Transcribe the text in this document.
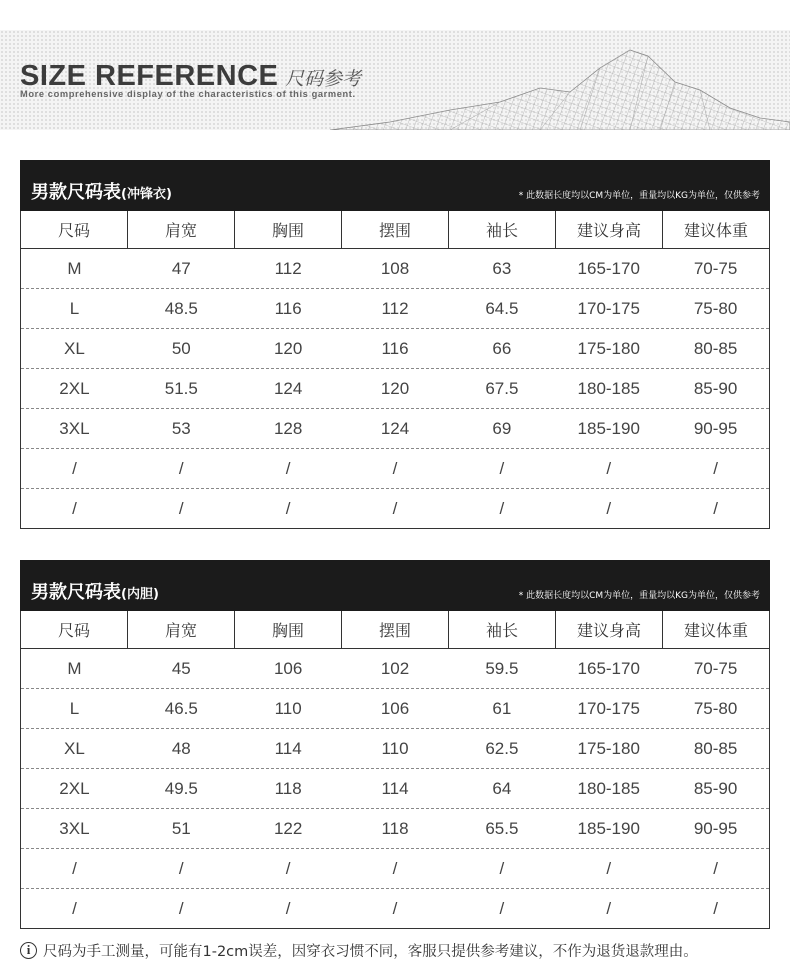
SIZE REFERENCE 尺码参考
More comprehensive display of the characteristics of this garment.
男款尺码表(冲锋衣)	* 此数据长度均以CM为单位，重量均以KG为单位，仅供参考
尺码	肩宽	胸围	摆围	袖长	建议身高	建议体重
M	47	112	108	63	165-170	70-75
L	48.5	116	112	64.5	170-175	75-80
XL	50	120	116	66	175-180	80-85
2XL	51.5	124	120	67.5	180-185	85-90
3XL	53	128	124	69	185-190	90-95
/	/	/	/	/	/	/
/	/	/	/	/	/	/
男款尺码表(内胆)	* 此数据长度均以CM为单位，重量均以KG为单位，仅供参考
尺码	肩宽	胸围	摆围	袖长	建议身高	建议体重
M	45	106	102	59.5	165-170	70-75
L	46.5	110	106	61	170-175	75-80
XL	48	114	110	62.5	175-180	80-85
2XL	49.5	118	114	64	180-185	85-90
3XL	51	122	118	65.5	185-190	90-95
/	/	/	/	/	/	/
/	/	/	/	/	/	/
i 尺码为手工测量，可能有1-2cm误差，因穿衣习惯不同，客服只提供参考建议，不作为退货退款理由。
